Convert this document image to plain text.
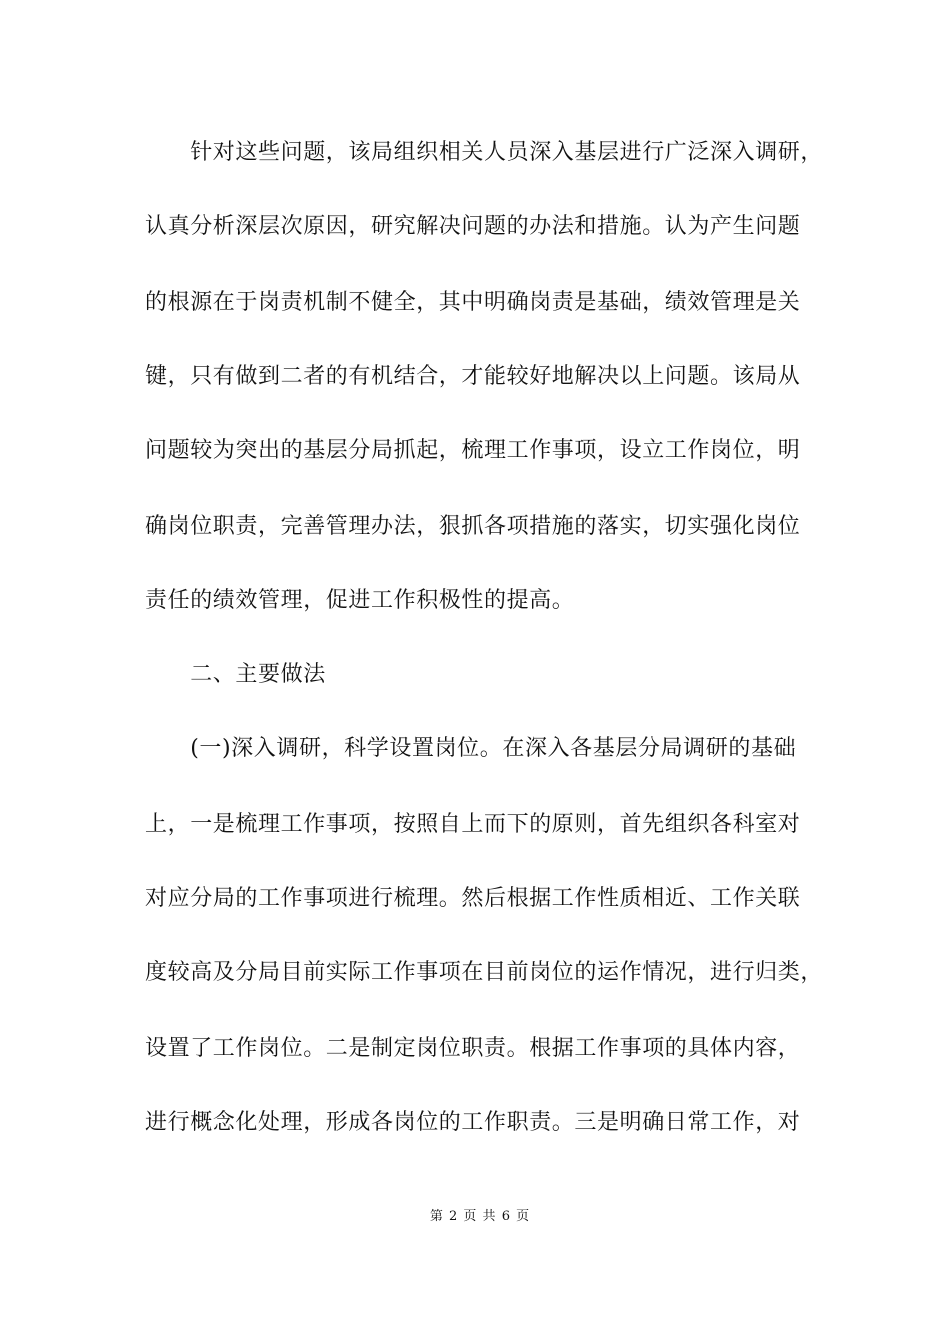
　　针对这些问题，该局组织相关人员深入基层进行广泛深入调研，
认真分析深层次原因，研究解决问题的办法和措施。认为产生问题
的根源在于岗责机制不健全，其中明确岗责是基础，绩效管理是关
键，只有做到二者的有机结合，才能较好地解决以上问题。该局从
问题较为突出的基层分局抓起，梳理工作事项，设立工作岗位，明
确岗位职责，完善管理办法，狠抓各项措施的落实，切实强化岗位
责任的绩效管理，促进工作积极性的提高。
　　二、主要做法
　　(一)深入调研，科学设置岗位。在深入各基层分局调研的基础
上，一是梳理工作事项，按照自上而下的原则，首先组织各科室对
对应分局的工作事项进行梳理。然后根据工作性质相近、工作关联
度较高及分局目前实际工作事项在目前岗位的运作情况，进行归类，
设置了工作岗位。二是制定岗位职责。根据工作事项的具体内容，
进行概念化处理，形成各岗位的工作职责。三是明确日常工作，对
第 2 页 共 6 页
